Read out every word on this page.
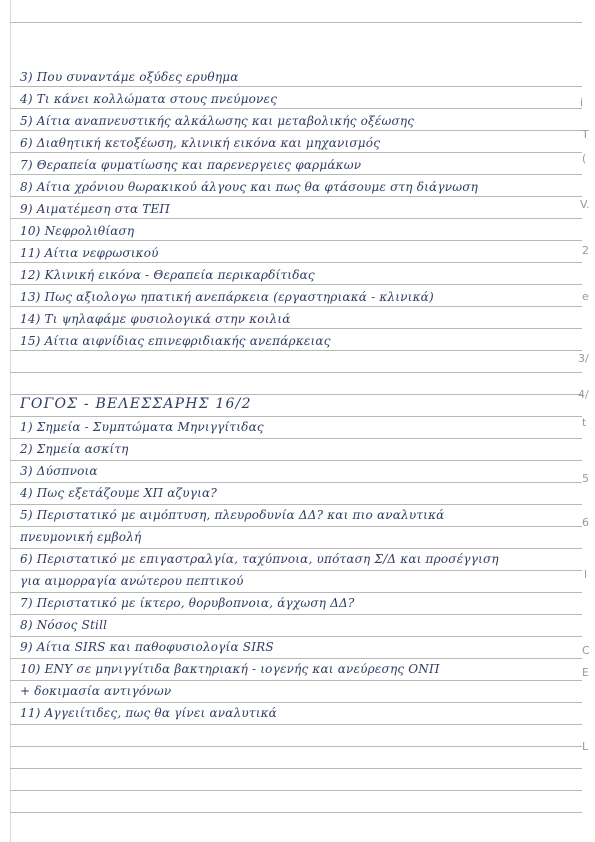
3) Που συναντάμε οξύδες ερυθημα
4) Τι κάνει κολλώματα στους πνεύμονες
5) Αίτια αναπνευστικής αλκάλωσης και μεταβολικής οξέωσης
6) Διαθητική κετοξέωση, κλινική εικόνα και μηχανισμός
7) Θεραπεία φυματίωσης και παρενεργειες φαρμάκων
8) Αίτια χρόνιου θωρακικού άλγους και πως θα φτάσουμε στη διάγνωση
9) Αιματέμεση στα ΤΕΠ
10) Νεφρολιθίαση
11) Αίτια νεφρωσικού
12) Κλινική εικόνα - Θεραπεία περικαρδίτιδας
13) Πως αξιολογω ηπατική ανεπάρκεια (εργαστηριακά - κλινικά)
14) Τι ψηλαφάμε φυσιολογικά στην κοιλιά
15) Αίτια αιφνίδιας επινεφριδιακής ανεπάρκειας
ΓΟΓΟΣ - ΒΕΛΕΣΣΑΡΗΣ 16/2
1) Σημεία - Συμπτώματα Μηνιγγίτιδας
2) Σημεία ασκίτη
3) Δύσπνοια
4) Πως εξετάζουμε ΧΠ αζυγια?
5) Περιστατικό με αιμόπτυση, πλευροδυνία ΔΔ? και πιο αναλυτικά
πνευμονική εμβολή
6) Περιστατικό με επιγαστραλγία, ταχύπνοια, υπόταση Σ/Δ και προσέγγιση
για αιμορραγία ανώτερου πεπτικού
7) Περιστατικό με ίκτερο, θορυβοπνοια, άγχωση ΔΔ?
8) Νόσος Still
9) Αίτια SIRS και παθοφυσιολογία SIRS
10) ΕΝΥ σε μηνιγγίτιδα βακτηριακή - ιογενής και ανεύρεσης ΟΝΠ
+ δοκιμασία αντιγόνων
11) Αγγειίτιδες, πως θα γίνει αναλυτικά
i
T
(
V.
2
e
3/
4/
t
5
6
l
C
E
L
